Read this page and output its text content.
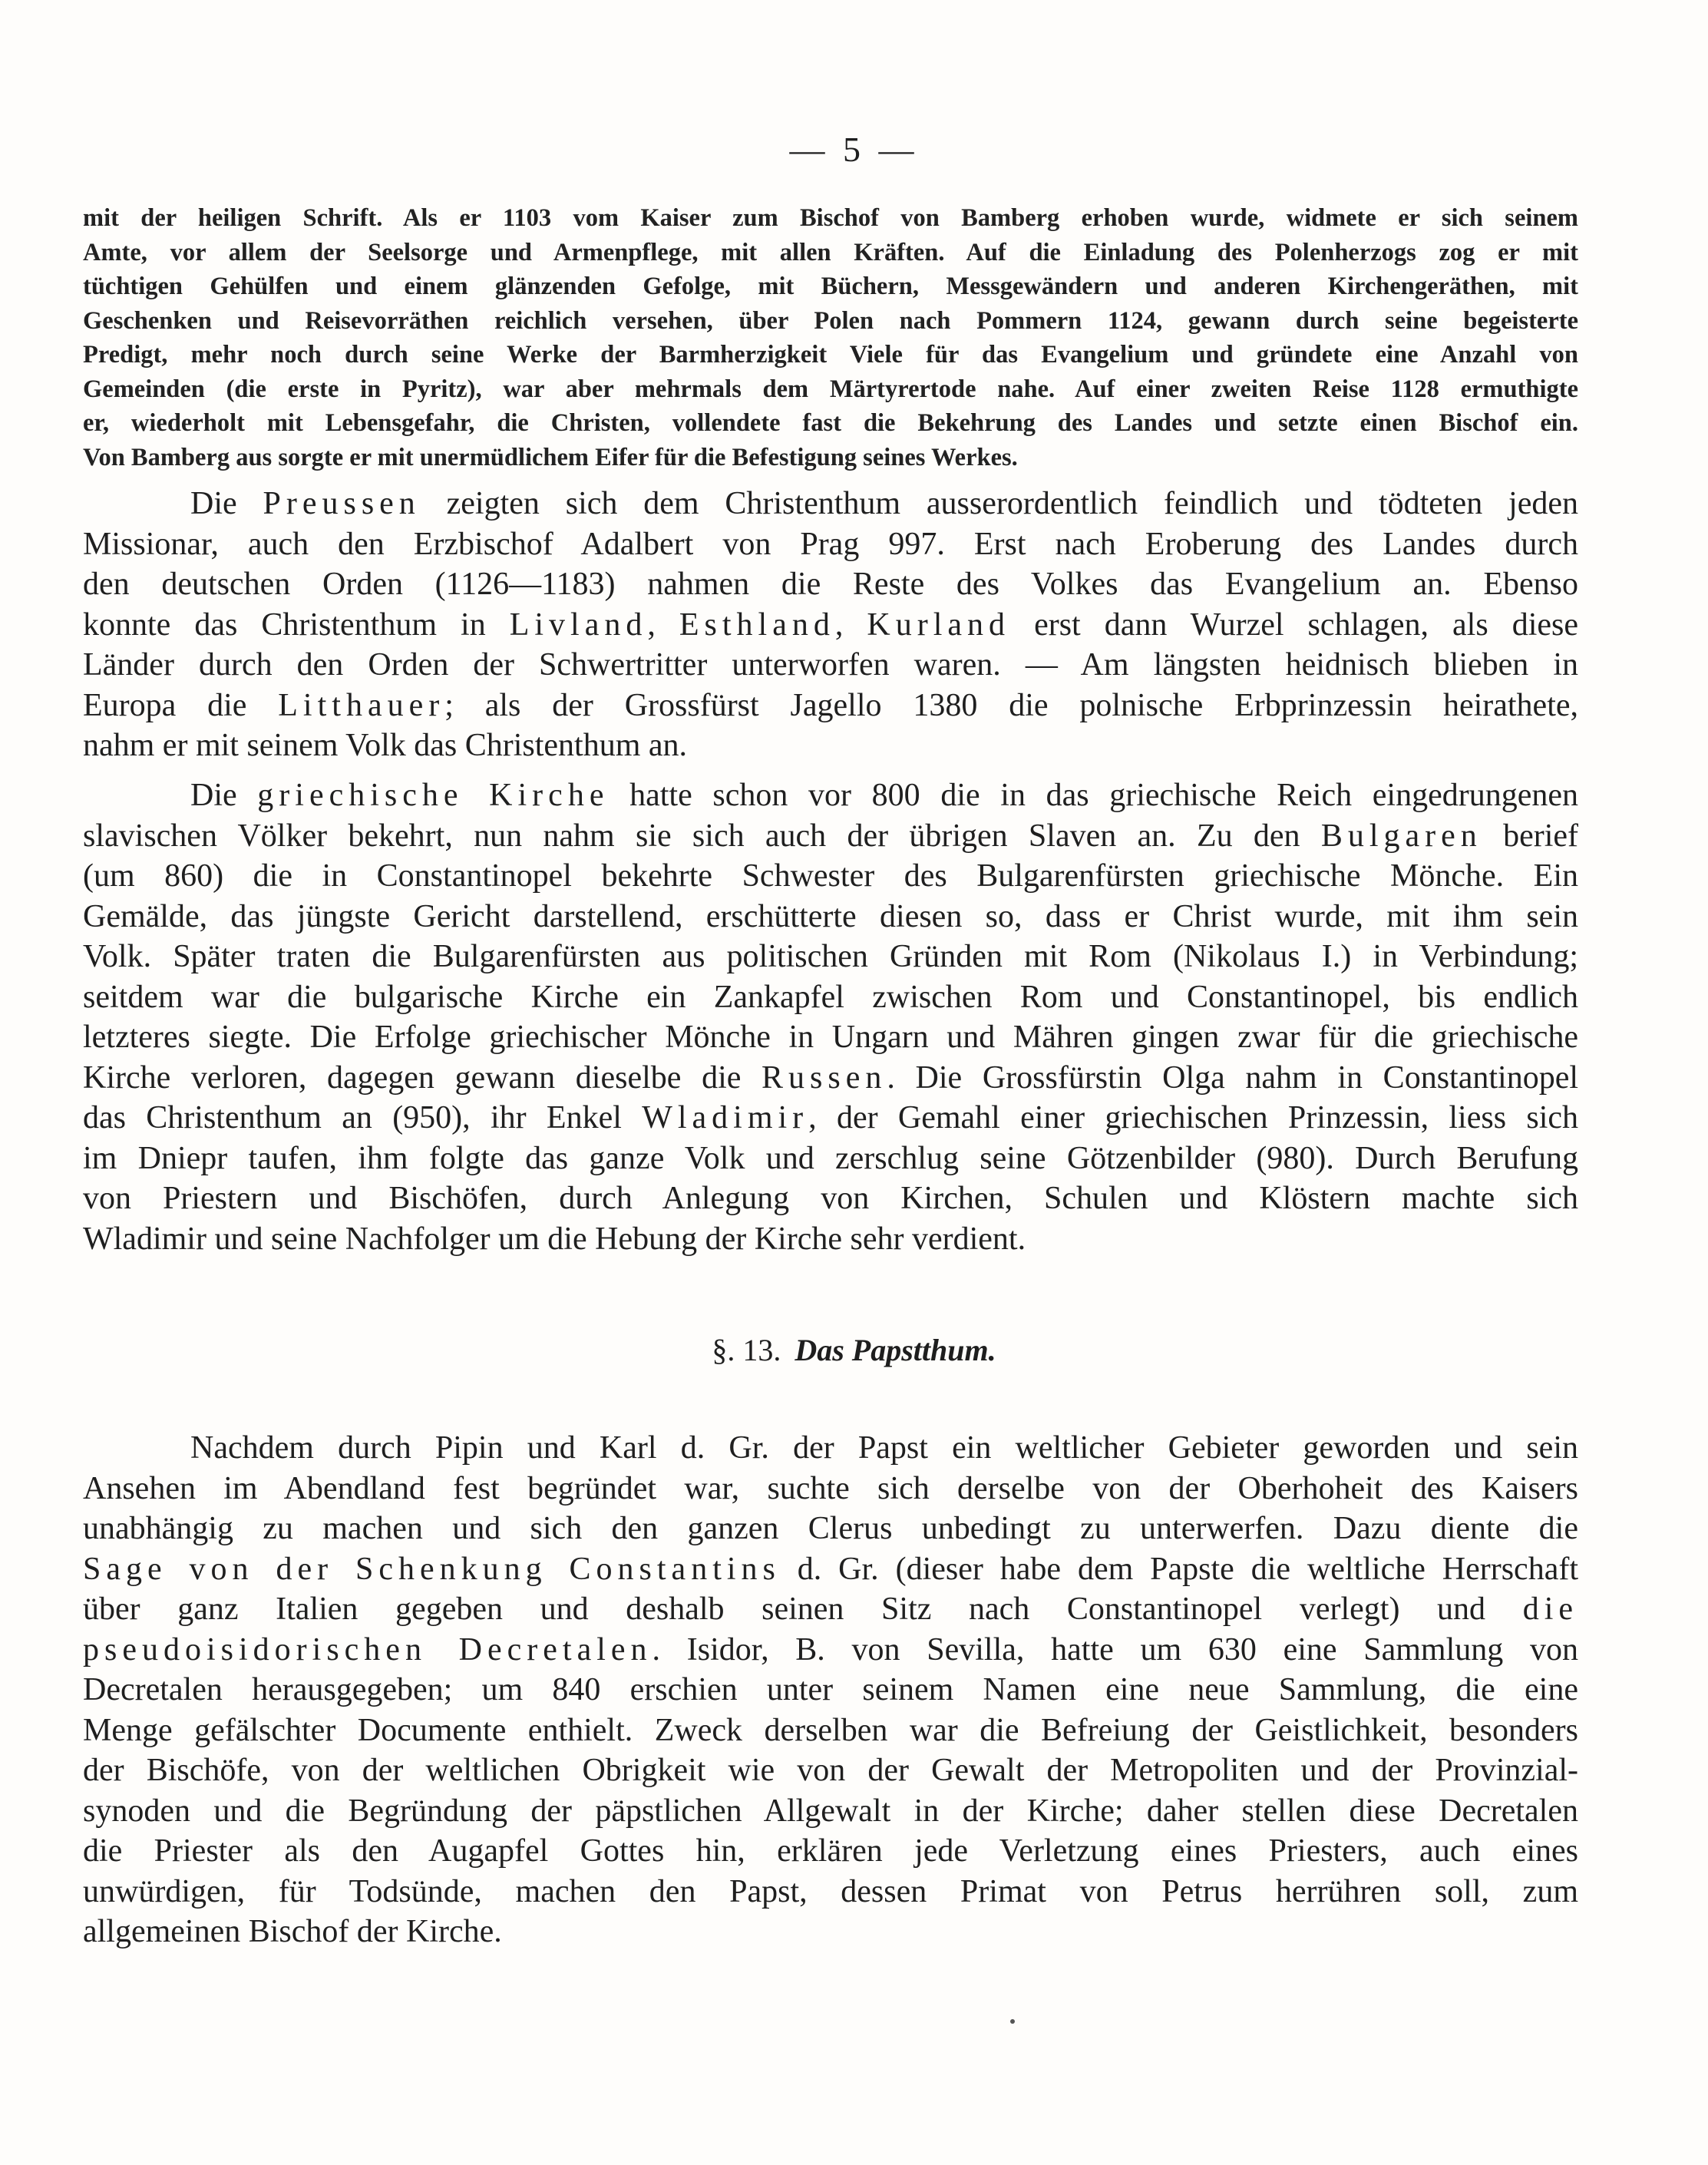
— 5 —
mit der heiligen Schrift. Als er 1103 vom Kaiser zum Bischof von Bamberg erhoben wurde, widmete er sich seinem
Amte, vor allem der Seelsorge und Armenpflege, mit allen Kräften. Auf die Einladung des Polenherzogs zog er mit
tüchtigen Gehülfen und einem glänzenden Gefolge, mit Büchern, Messgewändern und anderen Kirchengeräthen, mit
Geschenken und Reisevorräthen reichlich versehen, über Polen nach Pommern 1124, gewann durch seine begeisterte
Predigt, mehr noch durch seine Werke der Barmherzigkeit Viele für das Evangelium und gründete eine Anzahl von
Gemeinden (die erste in Pyritz), war aber mehrmals dem Märtyrertode nahe. Auf einer zweiten Reise 1128 ermuthigte
er, wiederholt mit Lebensgefahr, die Christen, vollendete fast die Bekehrung des Landes und setzte einen Bischof ein.
Von Bamberg aus sorgte er mit unermüdlichem Eifer für die Befestigung seines Werkes.
Die Preussen zeigten sich dem Christenthum ausserordentlich feindlich und tödteten jeden
Missionar, auch den Erzbischof Adalbert von Prag 997. Erst nach Eroberung des Landes durch
den deutschen Orden (1126—1183) nahmen die Reste des Volkes das Evangelium an. Ebenso
konnte das Christenthum in Livland, Esthland, Kurland erst dann Wurzel schlagen, als diese
Länder durch den Orden der Schwertritter unterworfen waren. — Am längsten heidnisch blieben in
Europa die Litthauer; als der Grossfürst Jagello 1380 die polnische Erbprinzessin heirathete,
nahm er mit seinem Volk das Christenthum an.
Die griechische Kirche hatte schon vor 800 die in das griechische Reich eingedrungenen
slavischen Völker bekehrt, nun nahm sie sich auch der übrigen Slaven an. Zu den Bulgaren berief
(um 860) die in Constantinopel bekehrte Schwester des Bulgarenfürsten griechische Mönche. Ein
Gemälde, das jüngste Gericht darstellend, erschütterte diesen so, dass er Christ wurde, mit ihm sein
Volk. Später traten die Bulgarenfürsten aus politischen Gründen mit Rom (Nikolaus I.) in Verbindung;
seitdem war die bulgarische Kirche ein Zankapfel zwischen Rom und Constantinopel, bis endlich
letzteres siegte. Die Erfolge griechischer Mönche in Ungarn und Mähren gingen zwar für die griechische
Kirche verloren, dagegen gewann dieselbe die Russen. Die Grossfürstin Olga nahm in Constantinopel
das Christenthum an (950), ihr Enkel Wladimir, der Gemahl einer griechischen Prinzessin, liess sich
im Dniepr taufen, ihm folgte das ganze Volk und zerschlug seine Götzenbilder (980). Durch Berufung
von Priestern und Bischöfen, durch Anlegung von Kirchen, Schulen und Klöstern machte sich
Wladimir und seine Nachfolger um die Hebung der Kirche sehr verdient.
§. 13. Das Papstthum.
Nachdem durch Pipin und Karl d. Gr. der Papst ein weltlicher Gebieter geworden und sein
Ansehen im Abendland fest begründet war, suchte sich derselbe von der Oberhoheit des Kaisers
unabhängig zu machen und sich den ganzen Clerus unbedingt zu unterwerfen. Dazu diente die
Sage von der Schenkung Constantins d. Gr. (dieser habe dem Papste die weltliche Herrschaft
über ganz Italien gegeben und deshalb seinen Sitz nach Constantinopel verlegt) und die
pseudoisidorischen Decretalen. Isidor, B. von Sevilla, hatte um 630 eine Sammlung von
Decretalen herausgegeben; um 840 erschien unter seinem Namen eine neue Sammlung, die eine
Menge gefälschter Documente enthielt. Zweck derselben war die Befreiung der Geistlichkeit, besonders
der Bischöfe, von der weltlichen Obrigkeit wie von der Gewalt der Metropoliten und der Provinzial-
synoden und die Begründung der päpstlichen Allgewalt in der Kirche; daher stellen diese Decretalen
die Priester als den Augapfel Gottes hin, erklären jede Verletzung eines Priesters, auch eines
unwürdigen, für Todsünde, machen den Papst, dessen Primat von Petrus herrühren soll, zum
allgemeinen Bischof der Kirche.
